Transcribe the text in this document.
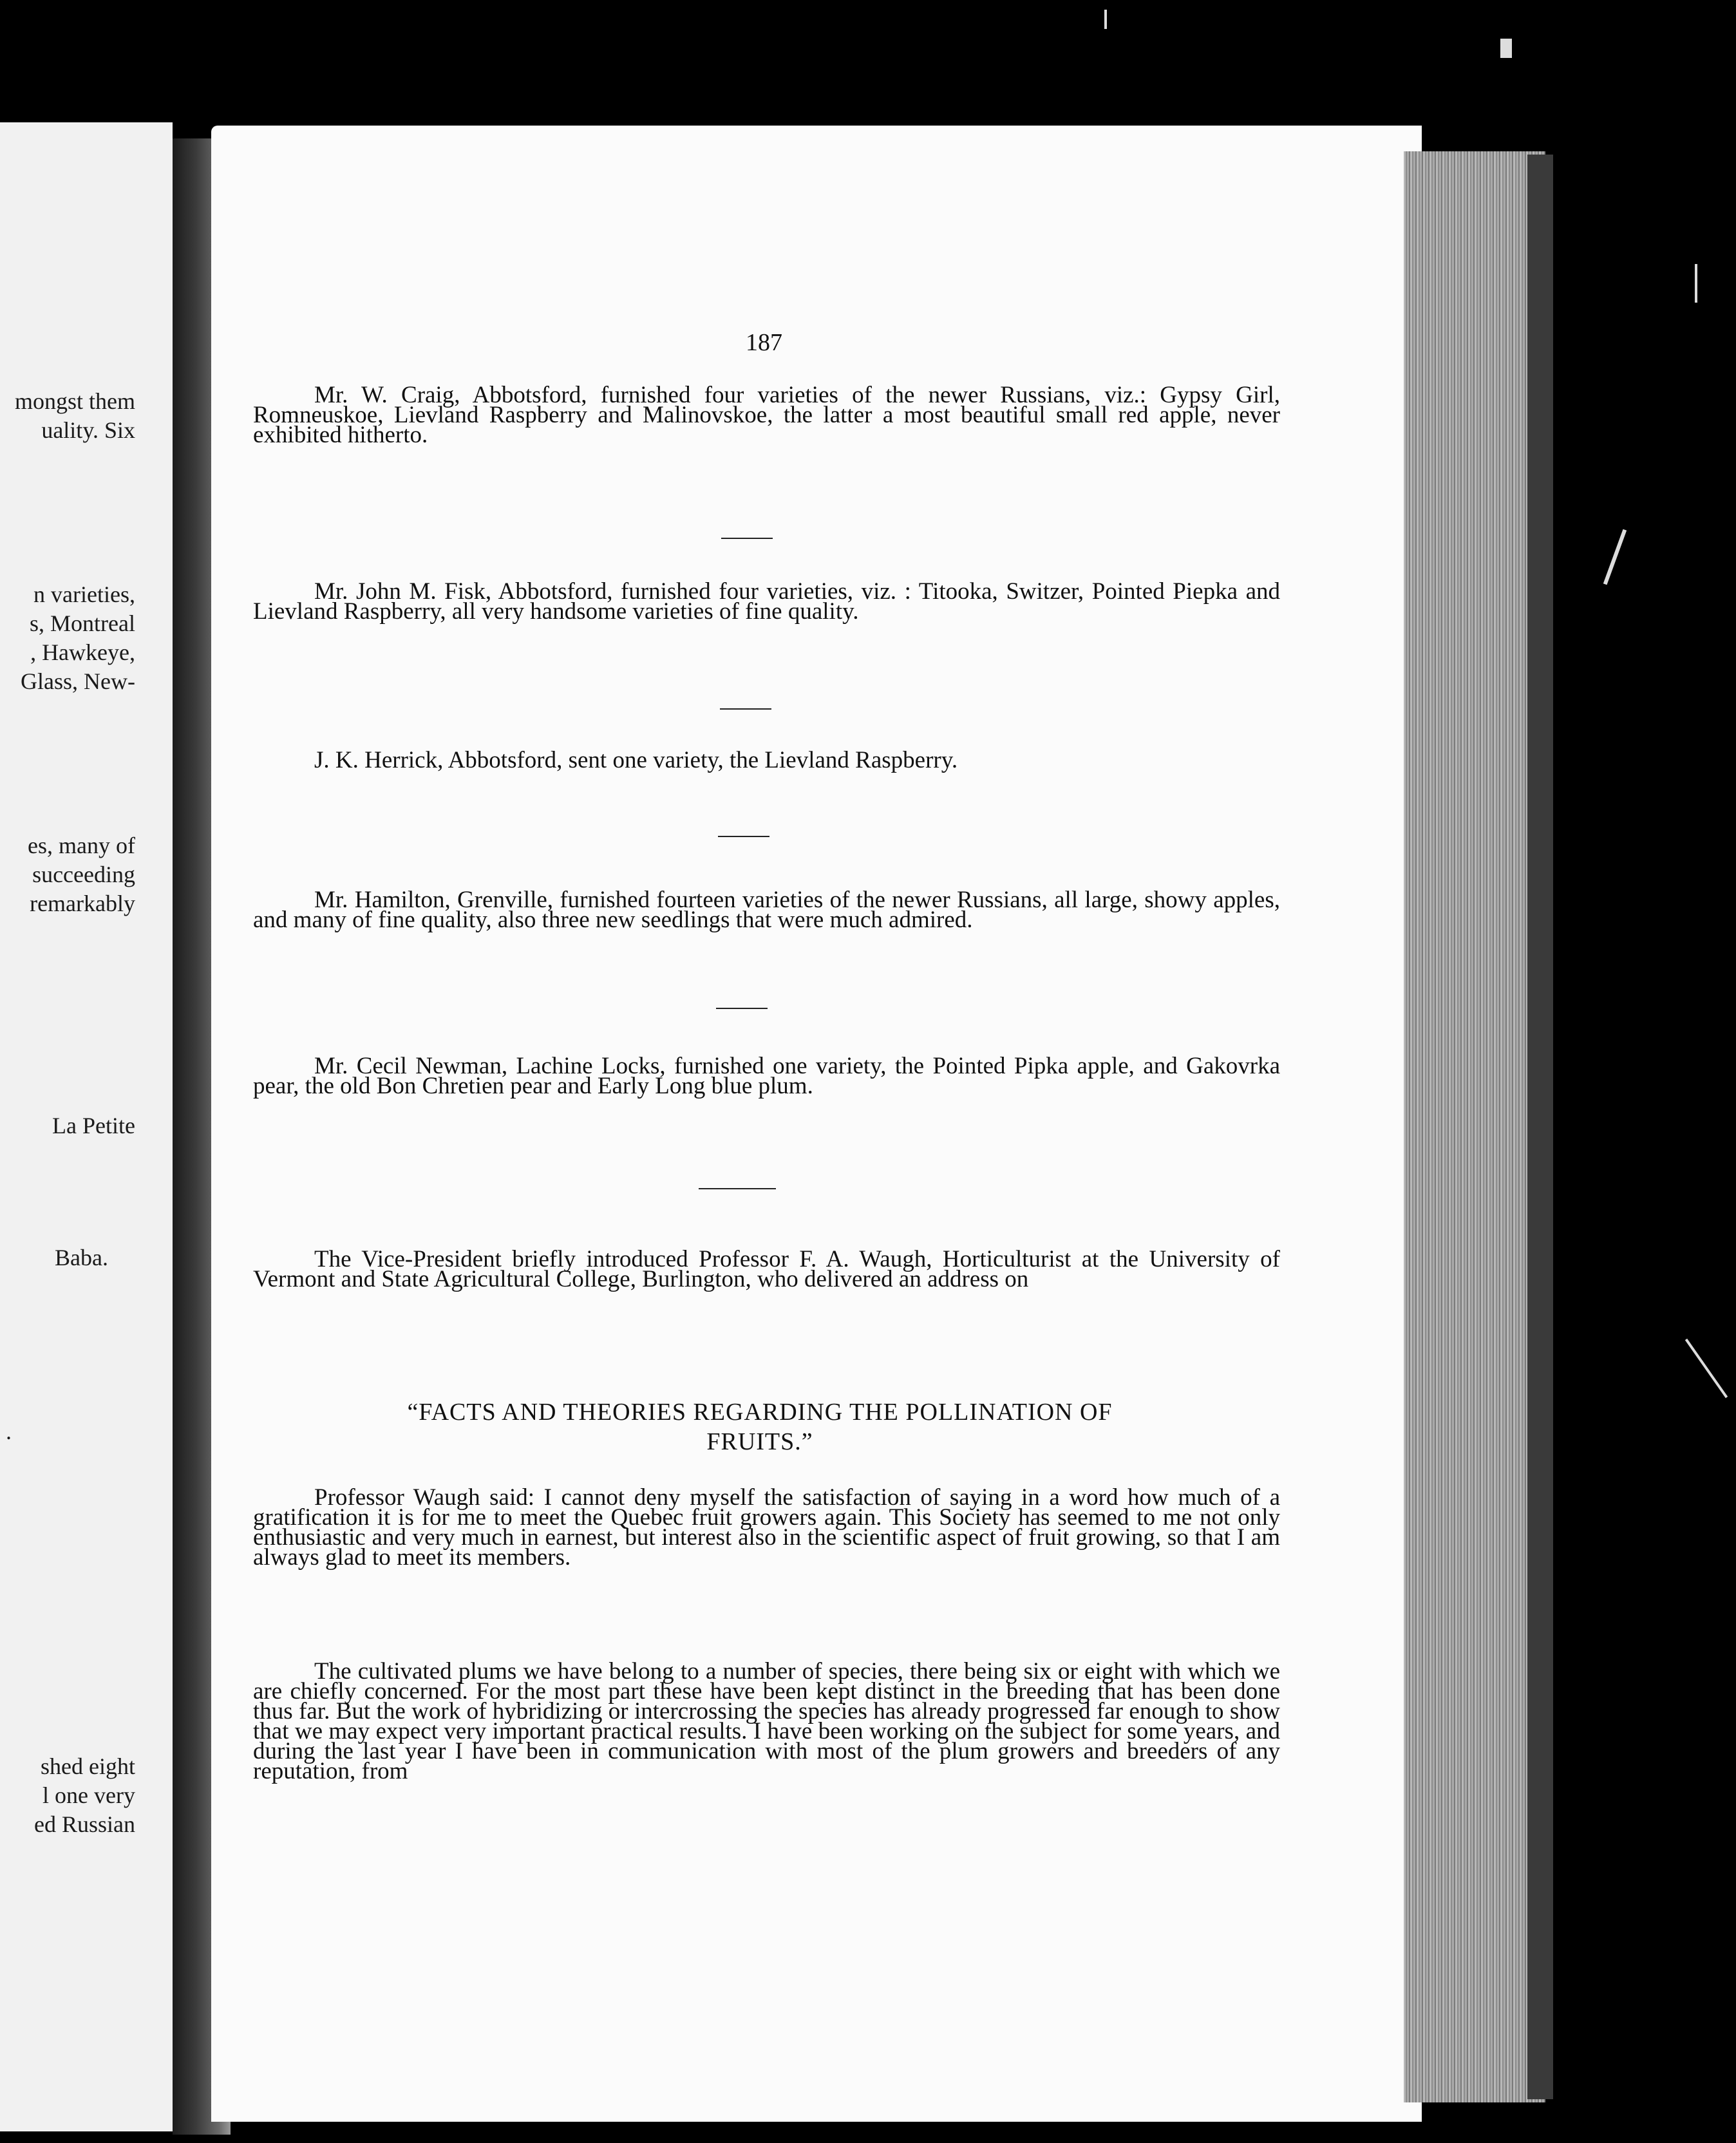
mongst them
uality. Six
n varieties,
s, Montreal
, Hawkeye,
Glass, New-
es, many of
succeeding
remarkably
La Petite
Baba.
.
shed eight
l one very
ed Russian
187
Mr. W. Craig, Abbotsford, furnished four varieties of the newer Russians, viz.: Gypsy Girl, Romneuskoe, Lievland Raspberry and Malinovskoe, the latter a most beautiful small red apple, never exhibited hitherto.
Mr. John M. Fisk, Abbotsford, furnished four varieties, viz. : Titooka, Switzer, Pointed Piepka and Lievland Raspberry, all very handsome varieties of fine quality.
J. K. Herrick, Abbotsford, sent one variety, the Lievland Raspberry.
Mr. Hamilton, Grenville, furnished fourteen varieties of the newer Russians, all large, showy apples, and many of fine quality, also three new seedlings that were much admired.
Mr. Cecil Newman, Lachine Locks, furnished one variety, the Pointed Pipka apple, and Gakovrka pear, the old Bon Chretien pear and Early Long blue plum.
The Vice-President briefly introduced Professor F. A. Waugh, Horticulturist at the University of Vermont and State Agricultural College, Burlington, who delivered an address on
“FACTS AND THEORIES REGARDING THE POLLINATION OF
FRUITS.”
Professor Waugh said: I cannot deny myself the satisfaction of saying in a word how much of a gratification it is for me to meet the Quebec fruit growers again. This Society has seemed to me not only enthusiastic and very much in earnest, but interest also in the scientific aspect of fruit growing, so that I am always glad to meet its members.
The cultivated plums we have belong to a number of species, there being six or eight with which we are chiefly concerned. For the most part these have been kept distinct in the breeding that has been done thus far. But the work of hybridizing or intercrossing the species has already progressed far enough to show that we may expect very important practical results. I have been working on the subject for some years, and during the last year I have been in communication with most of the plum growers and breeders of any reputation, from
